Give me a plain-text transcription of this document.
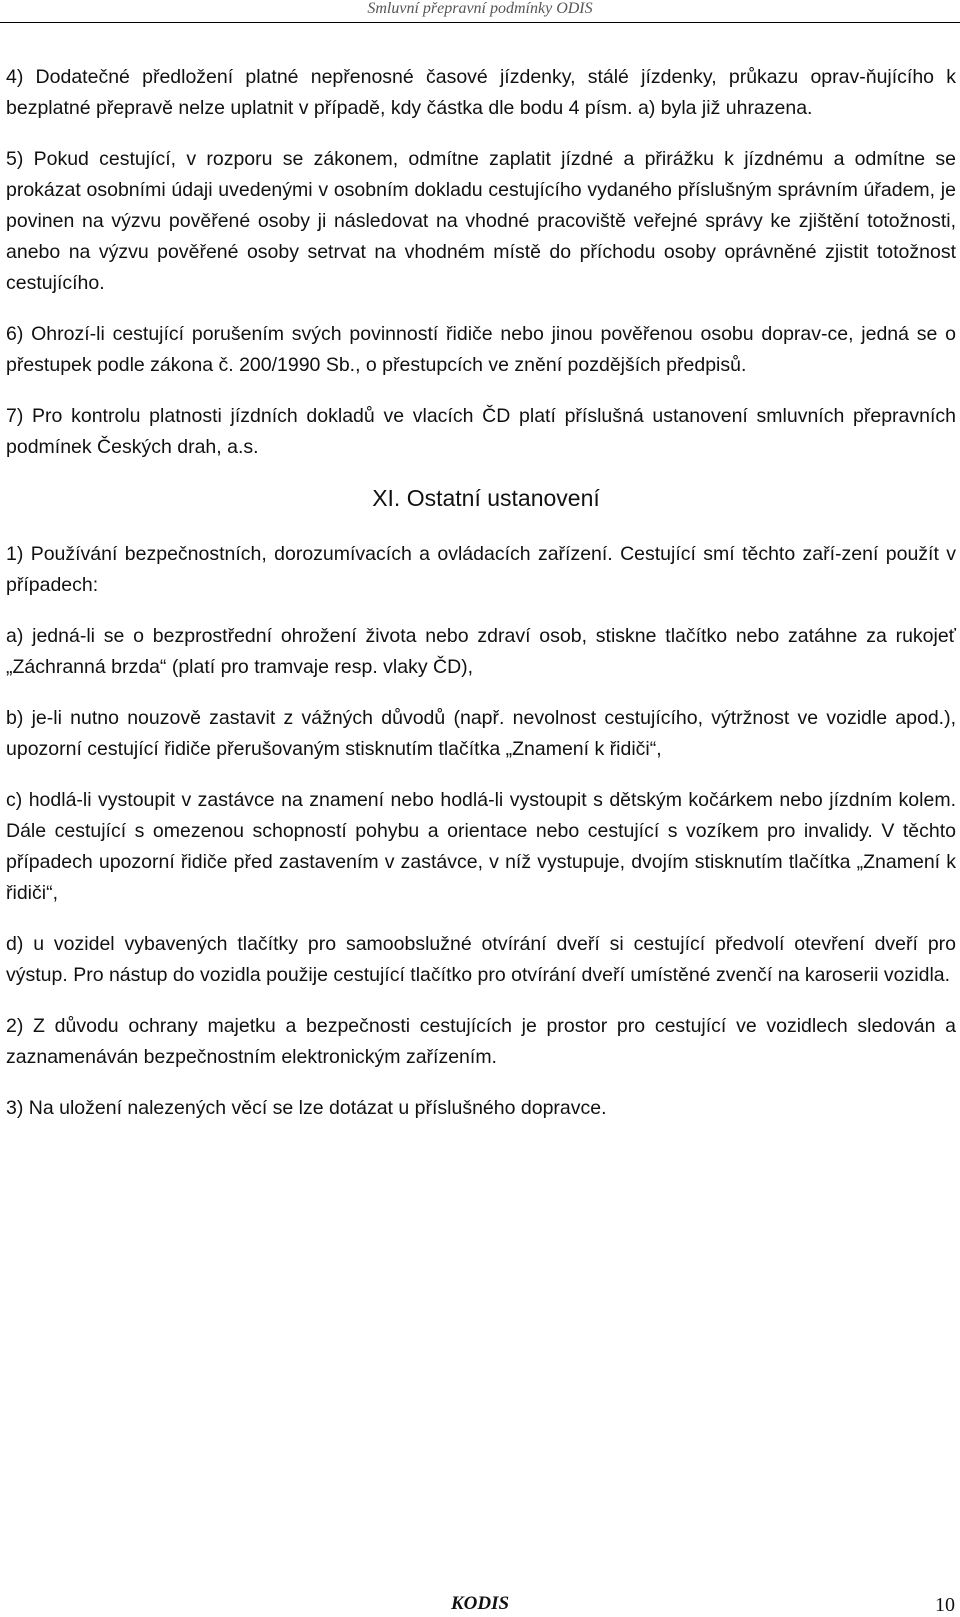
Smluvní přepravní podmínky ODIS

4) Dodatečné předložení platné nepřenosné časové jízdenky, stálé jízdenky, průkazu oprav-ňujícího k bezplatné přepravě nelze uplatnit v případě, kdy částka dle bodu 4 písm. a) byla již uhrazena.

5) Pokud cestující, v rozporu se zákonem, odmítne zaplatit jízdné a přirážku k jízdnému a odmítne se prokázat osobními údaji uvedenými v osobním dokladu cestujícího vydaného příslušným správním úřadem, je povinen na výzvu pověřené osoby ji následovat na vhodné pracoviště veřejné správy ke zjištění totožnosti, anebo na výzvu pověřené osoby setrvat na vhodném místě do příchodu osoby oprávněné zjistit totožnost cestujícího.

6) Ohrozí-li cestující porušením svých povinností řidiče nebo jinou pověřenou osobu doprav-ce, jedná se o přestupek podle zákona č. 200/1990 Sb., o přestupcích ve znění pozdějších předpisů.

7) Pro kontrolu platnosti jízdních dokladů ve vlacích ČD platí příslušná ustanovení smluvních přepravních podmínek Českých drah, a.s.

XI. Ostatní ustanovení

1) Používání bezpečnostních, dorozumívacích a ovládacích zařízení. Cestující smí těchto zaří-zení použít v případech:

a) jedná-li se o bezprostřední ohrožení života nebo zdraví osob, stiskne tlačítko nebo zatáhne za rukojeť „Záchranná brzda“ (platí pro tramvaje resp. vlaky ČD),

b) je-li nutno nouzově zastavit z vážných důvodů (např. nevolnost cestujícího, výtržnost ve vozidle apod.), upozorní cestující řidiče přerušovaným stisknutím tlačítka „Znamení k řidiči“,

c) hodlá-li vystoupit v zastávce na znamení nebo hodlá-li vystoupit s dětským kočárkem nebo jízdním kolem. Dále cestující s omezenou schopností pohybu a orientace nebo cestující s vozíkem pro invalidy. V těchto případech upozorní řidiče před zastavením v zastávce, v níž vystupuje, dvojím stisknutím tlačítka „Znamení k řidiči“,

d) u vozidel vybavených tlačítky pro samoobslužné otvírání dveří si cestující předvolí otevření dveří pro výstup. Pro nástup do vozidla použije cestující tlačítko pro otvírání dveří umístěné zvenčí na karoserii vozidla.

2) Z důvodu ochrany majetku a bezpečnosti cestujících je prostor pro cestující ve vozidlech sledován a zaznamenáván bezpečnostním elektronickým zařízením.

3) Na uložení nalezených věcí se lze dotázat u příslušného dopravce.

KODIS	10
